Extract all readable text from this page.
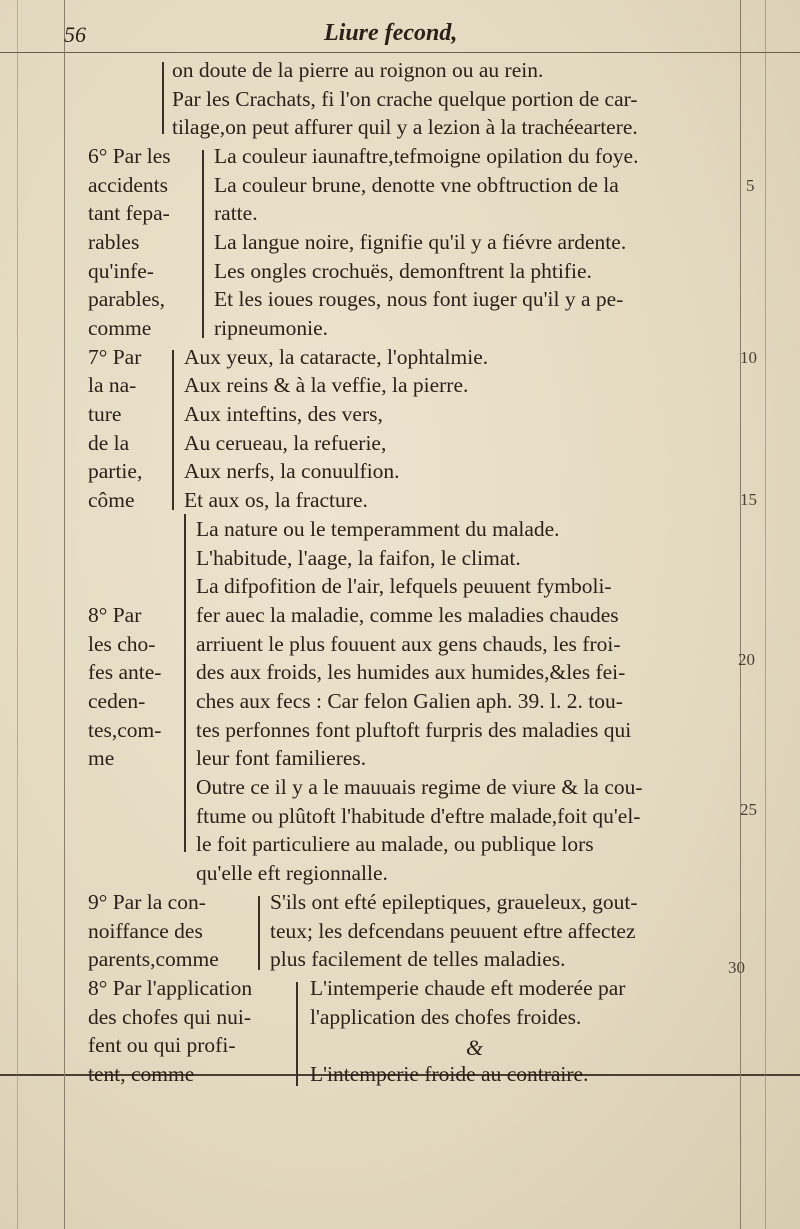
56	Liure fecond,
5
10
15
20
25
30
on doute de la pierre au roignon ou au rein.
Par les Crachats, fi l'on crache quelque portion de car-
tilage,on peut affurer quil y a lezion à la trachéeartere.
6° Par les
accidents
tant fepa-
rables
qu'infe-
parables,
comme
La couleur iaunaftre,tefmoigne opilation du foye.
La couleur brune, denotte vne obftruction de la
ratte.
La langue noire, fignifie qu'il y a fiévre ardente.
Les ongles crochuës, demonftrent la phtifie.
Et les ioues rouges, nous font iuger qu'il y a pe-
ripneumonie.
7° Par
la na-
ture
de la
partie,
côme
Aux yeux, la cataracte, l'ophtalmie.
Aux reins & à la veffie, la pierre.
Aux inteftins, des vers,
Au cerueau, la refuerie,
Aux nerfs, la conuulfion.
Et aux os, la fracture.
8° Par
les cho-
fes ante-
ceden-
tes,com-
me
La nature ou le temperamment du malade.
L'habitude, l'aage, la faifon, le climat.
La difpofition de l'air, lefquels peuuent fymboli-
fer auec la maladie, comme les maladies chaudes
arriuent le plus fouuent aux gens chauds, les froi-
des aux froids, les humides aux humides,&les fei-
ches aux fecs : Car felon Galien aph. 39. l. 2. tou-
tes perfonnes font pluftoft furpris des maladies qui
leur font familieres.
Outre ce il y a le mauuais regime de viure & la cou-
ftume ou plûtoft l'habitude d'eftre malade,foit qu'el-
le foit particuliere au malade, ou publique lors
qu'elle eft regionnalle.
9° Par la con-
noiffance des
parents,comme
S'ils ont efté epileptiques, graueleux, gout-
teux; les defcendans peuuent eftre affectez
plus facilement de telles maladies.
8° Par l'application
des chofes qui nui-
fent ou qui profi-
tent, comme
L'intemperie chaude eft moderée par
l'application des chofes froides.
&
L'intemperie froide au contraire.
